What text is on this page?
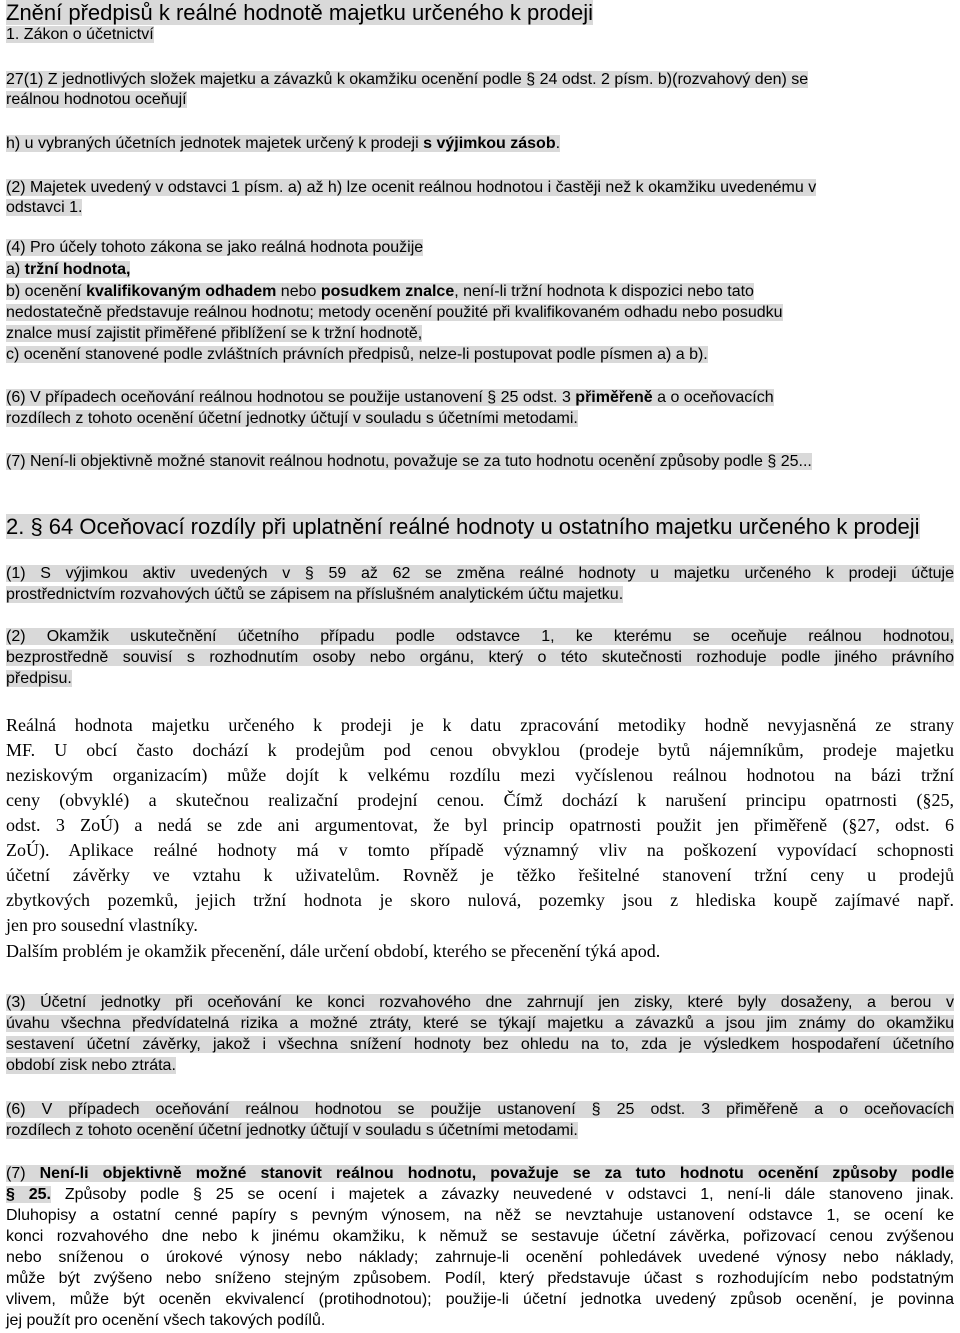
Znění předpisů k reálné hodnotě majetku určeného k prodeji
1. Zákon o účetnictví
27(1) Z jednotlivých složek majetku a závazků k okamžiku ocenění podle § 24 odst. 2 písm. b)(rozvahový den) se
reálnou hodnotou oceňují
h) u vybraných účetních jednotek majetek určený k prodeji s výjimkou zásob.
(2) Majetek uvedený v odstavci 1 písm. a) až h) lze ocenit reálnou hodnotou i častěji než k okamžiku uvedenému v
odstavci 1.
(4) Pro účely tohoto zákona se jako reálná hodnota použije
a) tržní hodnota,
b) ocenění kvalifikovaným odhadem nebo posudkem znalce, není-li tržní hodnota k dispozici nebo tato
nedostatečně představuje reálnou hodnotu; metody ocenění použité při kvalifikovaném odhadu nebo posudku
znalce musí zajistit přiměřené přiblížení se k tržní hodnotě,
c) ocenění stanovené podle zvláštních právních předpisů, nelze-li postupovat podle písmen a) a b).
(6) V případech oceňování reálnou hodnotou se použije ustanovení § 25 odst. 3 přiměřeně a o oceňovacích
rozdílech z tohoto ocenění účetní jednotky účtují v souladu s účetními metodami.
(7) Není-li objektivně možné stanovit reálnou hodnotu, považuje se za tuto hodnotu ocenění způsoby podle § 25...
2. § 64 Oceňovací rozdíly při uplatnění reálné hodnoty u ostatního majetku určeného k prodeji
(1) S výjimkou aktiv uvedených v § 59 až 62 se změna reálné hodnoty u majetku určeného k prodeji účtuje
prostřednictvím rozvahových účtů se zápisem na příslušném analytickém účtu majetku.
(2) Okamžik uskutečnění účetního případu podle odstavce 1, ke kterému se oceňuje reálnou hodnotou,
bezprostředně souvisí s rozhodnutím osoby nebo orgánu, který o této skutečnosti rozhoduje podle jiného právního
předpisu.
Reálná hodnota majetku určeného k prodeji je k datu zpracování metodiky hodně nevyjasněná ze strany
MF. U obcí často dochází k prodejům pod cenou obvyklou (prodeje bytů nájemníkům, prodeje majetku
neziskovým organizacím) může dojít k velkému rozdílu mezi vyčíslenou reálnou hodnotou na bázi tržní
ceny (obvyklé) a skutečnou realizační prodejní cenou. Čímž dochází k narušení principu opatrnosti (§25,
odst. 3 ZoÚ) a nedá se zde ani argumentovat, že byl princip opatrnosti použit jen přiměřeně (§27, odst. 6
ZoÚ). Aplikace reálné hodnoty má v tomto případě významný vliv na poškození vypovídací schopnosti
účetní závěrky ve vztahu k uživatelům. Rovněž je těžko řešitelné stanovení tržní ceny u prodejů
zbytkových pozemků, jejich tržní hodnota je skoro nulová, pozemky jsou z hlediska koupě zajímavé např.
jen pro sousední vlastníky.
Dalším problém je okamžik přecenění, dále určení období, kterého se přecenění týká apod.
(3) Účetní jednotky při oceňování ke konci rozvahového dne zahrnují jen zisky, které byly dosaženy, a berou v
úvahu všechna předvídatelná rizika a možné ztráty, které se týkají majetku a závazků a jsou jim známy do okamžiku
sestavení účetní závěrky, jakož i všechna snížení hodnoty bez ohledu na to, zda je výsledkem hospodaření účetního
období zisk nebo ztráta.
(6) V případech oceňování reálnou hodnotou se použije ustanovení § 25 odst. 3 přiměřeně a o oceňovacích
rozdílech z tohoto ocenění účetní jednotky účtují v souladu s účetními metodami.
(7) Není-li objektivně možné stanovit reálnou hodnotu, považuje se za tuto hodnotu ocenění způsoby podle
§ 25. Způsoby podle § 25 se ocení i majetek a závazky neuvedené v odstavci 1, není-li dále stanoveno jinak.
Dluhopisy a ostatní cenné papíry s pevným výnosem, na něž se nevztahuje ustanovení odstavce 1, se ocení ke
konci rozvahového dne nebo k jinému okamžiku, k němuž se sestavuje účetní závěrka, pořizovací cenou zvýšenou
nebo sníženou o úrokové výnosy nebo náklady; zahrnuje-li ocenění pohledávek uvedené výnosy nebo náklady,
může být zvýšeno nebo sníženo stejným způsobem. Podíl, který představuje účast s rozhodujícím nebo podstatným
vlivem, může být oceněn ekvivalencí (protihodnotou); použije-li účetní jednotka uvedený způsob ocenění, je povinna
jej použít pro ocenění všech takových podílů.
